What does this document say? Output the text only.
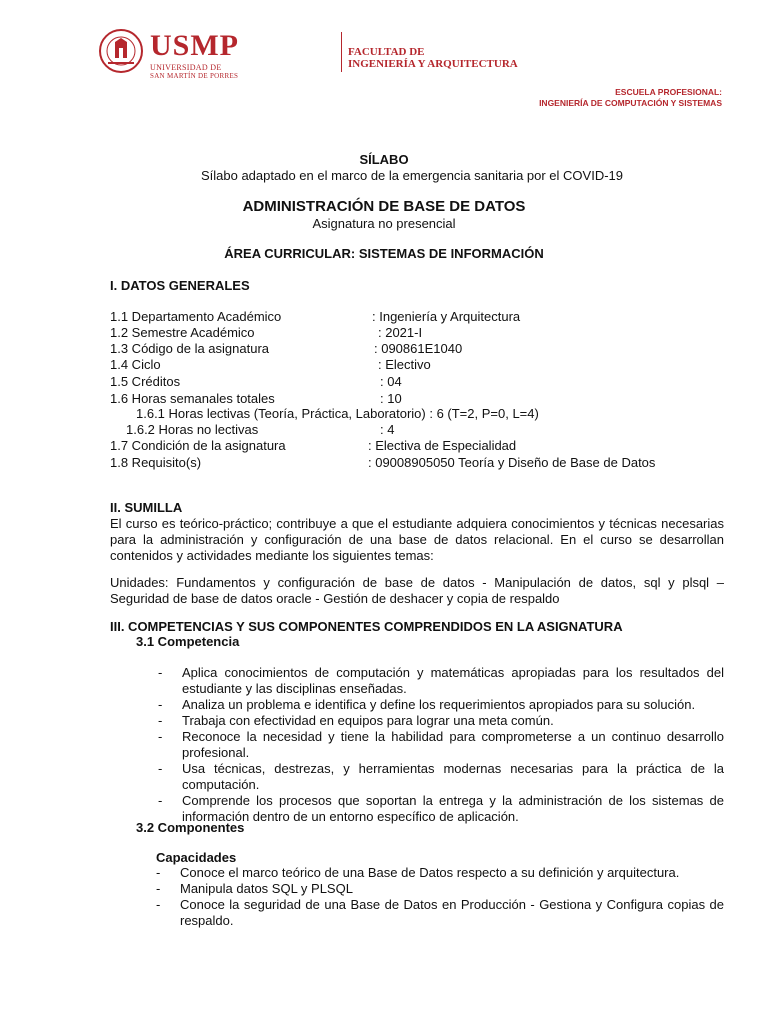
USMP
UNIVERSIDAD DE
SAN MARTÍN DE PORRES
FACULTAD DE
INGENIERÍA Y ARQUITECTURA
ESCUELA PROFESIONAL:
INGENIERÍA DE COMPUTACIÓN Y SISTEMAS
SÍLABO
Sílabo adaptado en el marco de la emergencia sanitaria por el COVID-19
ADMINISTRACIÓN DE BASE DE DATOS
Asignatura no presencial
ÁREA CURRICULAR: SISTEMAS DE INFORMACIÓN
I. DATOS GENERALES
1.1 Departamento Académico	: Ingeniería y Arquitectura
1.2 Semestre Académico	: 2021-I
1.3 Código de la asignatura	: 090861E1040
1.4 Ciclo	: Electivo
1.5 Créditos	: 04
1.6 Horas semanales totales	: 10
1.6.1 Horas lectivas (Teoría, Práctica, Laboratorio) : 6 (T=2, P=0, L=4)
1.6.2 Horas no lectivas	: 4
1.7 Condición de la asignatura	: Electiva de Especialidad
1.8 Requisito(s)	: 09008905050 Teoría y Diseño de Base de Datos
II. SUMILLA
El curso es teórico-práctico; contribuye a que el estudiante adquiera conocimientos y técnicas necesarias para la administración y configuración de una base de datos relacional. En el curso se desarrollan contenidos y actividades mediante los siguientes temas:
Unidades: Fundamentos y configuración de base de datos - Manipulación de datos, sql y plsql – Seguridad de base de datos oracle - Gestión de deshacer y copia de respaldo
III. COMPETENCIAS Y SUS COMPONENTES COMPRENDIDOS EN LA ASIGNATURA
3.1 Competencia
- Aplica conocimientos de computación y matemáticas apropiadas para los resultados del estudiante y las disciplinas enseñadas.
- Analiza un problema e identifica y define los requerimientos apropiados para su solución.
- Trabaja con efectividad en equipos para lograr una meta común.
- Reconoce la necesidad y tiene la habilidad para comprometerse a un continuo desarrollo profesional.
- Usa técnicas, destrezas, y herramientas modernas necesarias para la práctica de la computación.
- Comprende los procesos que soportan la entrega y la administración de los sistemas de información dentro de un entorno específico de aplicación.
3.2 Componentes
Capacidades
- Conoce el marco teórico de una Base de Datos respecto a su definición y arquitectura.
- Manipula datos SQL y PLSQL
- Conoce la seguridad de una Base de Datos en Producción - Gestiona y Configura copias de respaldo.
